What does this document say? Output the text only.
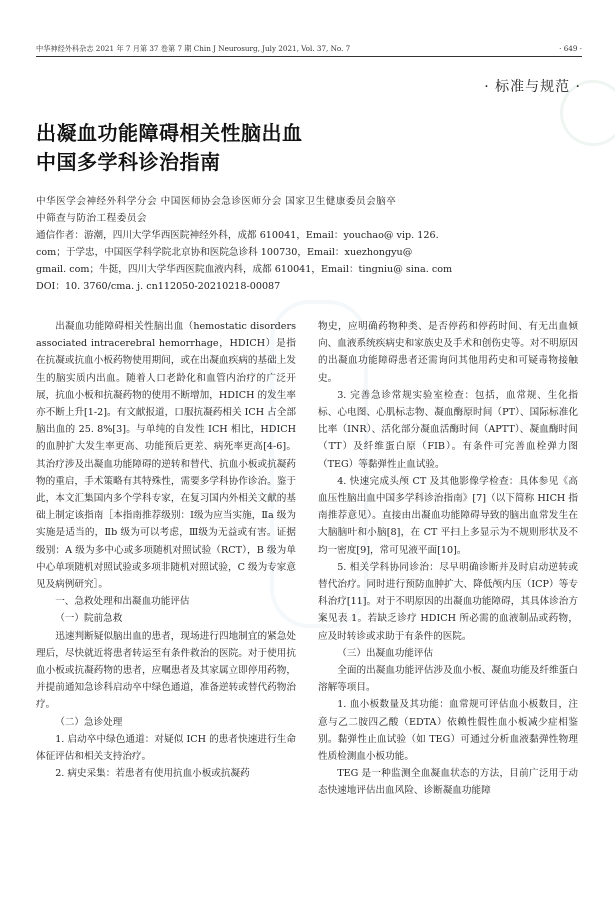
中华神经外科杂志 2021 年 7 月第 37 卷第 7 期 Chin J Neurosurg, July 2021, Vol. 37, No. 7	· 649 ·
· 标准与规范 ·
出凝血功能障碍相关性脑出血
中国多学科诊治指南
中华医学会神经外科学分会 中国医师协会急诊医师分会 国家卫生健康委员会脑卒
中筛查与防治工程委员会
通信作者：游潮，四川大学华西医院神经外科，成都 610041，Email：youchao@ vip. 126.
com；于学忠，中国医学科学院北京协和医院急诊科 100730，Email：xuezhongyu@
gmail. com；牛挺，四川大学华西医院血液内科，成都 610041，Email：tingniu@ sina. com
DOI：10. 3760/cma. j. cn112050-20210218-00087

出凝血功能障碍相关性脑出血（hemostatic disorders associated intracerebral hemorrhage，HDICH）是指在抗凝或抗血小板药物使用期间，或在出凝血疾病的基础上发生的脑实质内出血。随着人口老龄化和血管内治疗的广泛开展，抗血小板和抗凝药物的使用不断增加，HDICH 的发生率亦不断上升[1-2]。有文献报道，口服抗凝药相关 ICH 占全部脑出血的 25. 8%[3]。与单纯的自发性 ICH 相比，HDICH 的血肿扩大发生率更高、功能预后更差、病死率更高[4-6]。其治疗涉及出凝血功能障碍的逆转和替代、抗血小板或抗凝药物的重启，手术策略有其特殊性，需要多学科协作诊治。鉴于此，本文汇集国内多个学科专家，在复习国内外相关文献的基础上制定该指南［本指南推荐级别：Ⅰ级为应当实施，Ⅱa 级为实施是适当的，Ⅱb 级为可以考虑，Ⅲ级为无益或有害。证据级别：A 级为多中心或多项随机对照试验（RCT），B 级为单中心单项随机对照试验或多项非随机对照试验，C 级为专家意见及病例研究］。

一、急救处理和出凝血功能评估

（一）院前急救

迅速判断疑似脑出血的患者，现场进行四地制宜的紧急处理后，尽快就近将患者转运至有条件救治的医院。对于使用抗血小板或抗凝药物的患者，应嘱患者及其家属立即停用药物，并提前通知急诊科启动卒中绿色通道，准备逆转或替代药物治疗。

（二）急诊处理

1. 启动卒中绿色通道：对疑似 ICH 的患者快速进行生命体征评估和相关支持治疗。

2. 病史采集：若患者有使用抗血小板或抗凝药

物史，应明确药物种类、是否停药和停药时间、有无出血倾向、血液系统疾病史和家族史及手术和创伤史等。对不明原因的出凝血功能障碍患者还需询问其他用药史和可疑毒物接触史。

3. 完善急诊常规实验室检查：包括，血常规、生化指标、心电图、心肌标志物、凝血酶原时间（PT）、国际标准化比率（INR）、活化部分凝血活酶时间（APTT）、凝血酶时间（TT）及纤维蛋白原（FIB）。有条件可完善血栓弹力图（TEG）等黏弹性止血试验。

4. 快速完成头颅 CT 及其他影像学检查：具体参见《高血压性脑出血中国多学科诊治指南》[7]（以下简称 HICH 指南推荐意见）。直接由出凝血功能障碍导致的脑出血常发生在大脑脑叶和小脑[8]，在 CT 平扫上多显示为不规则形状及不均一密度[9]，常可见液平面[10]。

5. 相关学科协同诊治：尽早明确诊断并及时启动逆转或替代治疗。同时进行预防血肿扩大、降低颅内压（ICP）等专科治疗[11]。对于不明原因的出凝血功能障碍，其具体诊治方案见表 1。若缺乏诊疗 HDICH 所必需的血液制品或药物，应及时转诊或求助于有条件的医院。

（三）出凝血功能评估

全面的出凝血功能评估涉及血小板、凝血功能及纤维蛋白溶解等项目。

1. 血小板数量及其功能：血常规可评估血小板数目，注意与乙二胺四乙酸（EDTA）依赖性假性血小板减少症相鉴别。黏弹性止血试验（如 TEG）可通过分析血液黏弹性物理性质检测血小板功能。

TEG 是一种监测全血凝血状态的方法，目前广泛用于动态快速地评估出血风险、诊断凝血功能障
